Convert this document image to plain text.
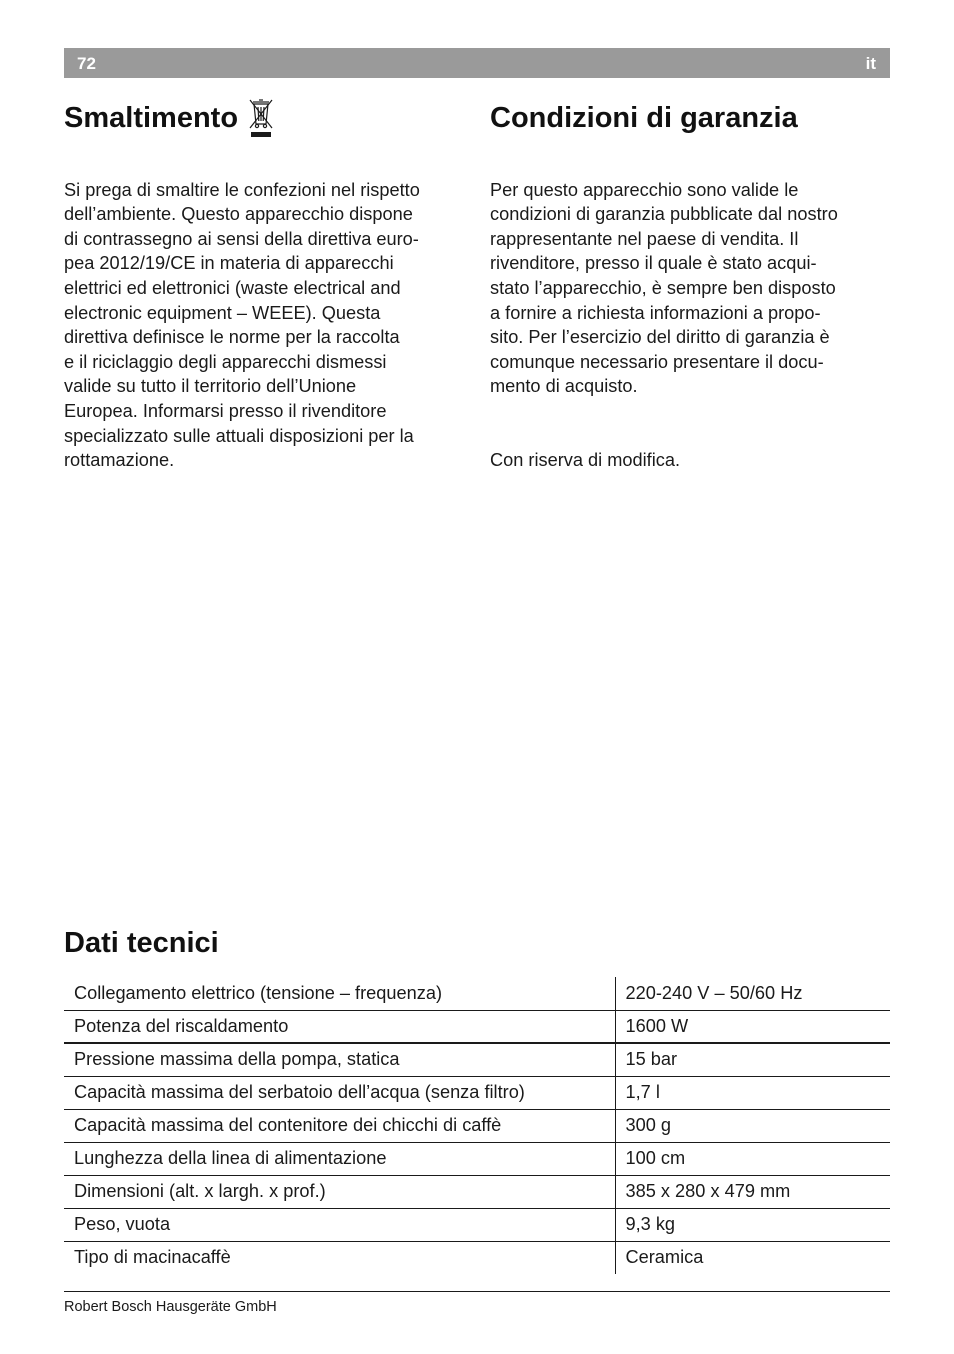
72	it
Smaltimento

Si prega di smaltire le confezioni nel rispetto
dell’ambiente. Questo apparecchio dispone
di contrassegno ai sensi della direttiva euro-
pea 2012/19/CE in materia di apparecchi
elettrici ed elettronici (waste electrical and
electronic equipment – WEEE). Questa
direttiva definisce le norme per la raccolta
e il riciclaggio degli apparecchi dismessi
valide su tutto il territorio dell’Unione
Europea. Informarsi presso il rivenditore
specializzato sulle attuali disposizioni per la
rottamazione.

Condizioni di garanzia

Per questo apparecchio sono valide le
condizioni di garanzia pubblicate dal nostro
rappresentante nel paese di vendita. Il
rivenditore, presso il quale è stato acqui-
stato l’apparecchio, è sempre ben disposto
a fornire a richiesta informazioni a propo-
sito. Per l’esercizio del diritto di garanzia è
comunque necessario presentare il docu-
mento di acquisto.

Con riserva di modifica.

Dati tecnici
Collegamento elettrico (tensione – frequenza)	220-240 V – 50/60 Hz
Potenza del riscaldamento	1600 W
Pressione massima della pompa, statica	15 bar
Capacità massima del serbatoio dell’acqua (senza filtro)	1,7 l
Capacità massima del contenitore dei chicchi di caffè	300 g
Lunghezza della linea di alimentazione	100 cm
Dimensioni (alt. x largh. x prof.)	385 x 280 x 479 mm
Peso, vuota	9,3 kg
Tipo di macinacaffè	Ceramica
Robert Bosch Hausgeräte GmbH
